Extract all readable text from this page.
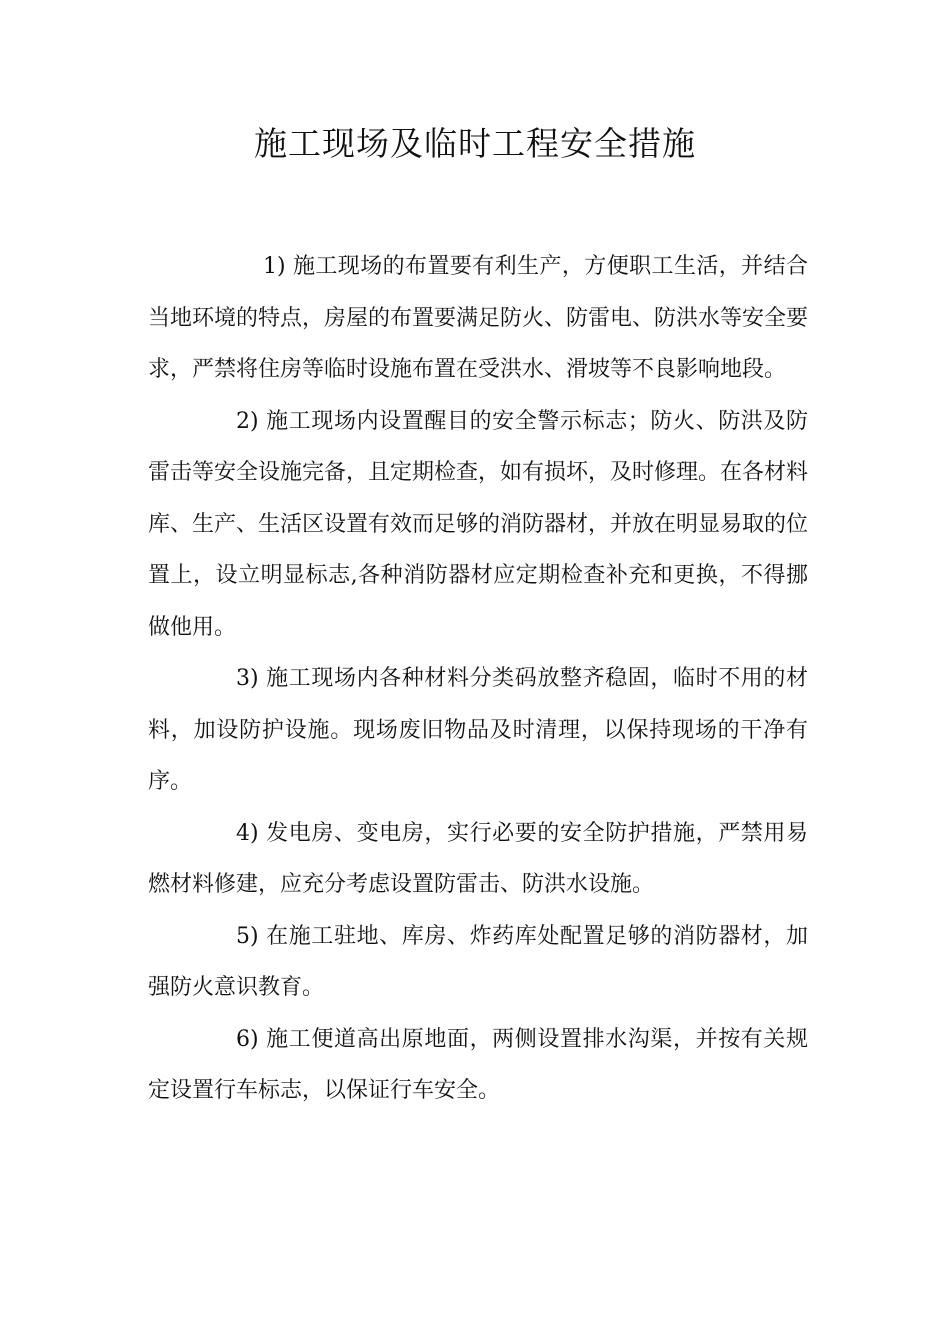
施工现场及临时工程安全措施

1) 施工现场的布置要有利生产，方便职工生活，并结合当地环境的特点，房屋的布置要满足防火、防雷电、防洪水等安全要求，严禁将住房等临时设施布置在受洪水、滑坡等不良影响地段。

2) 施工现场内设置醒目的安全警示标志；防火、防洪及防雷击等安全设施完备，且定期检查，如有损坏，及时修理。在各材料库、生产、生活区设置有效而足够的消防器材，并放在明显易取的位置上，设立明显标志,各种消防器材应定期检查补充和更换，不得挪做他用。

3) 施工现场内各种材料分类码放整齐稳固，临时不用的材料，加设防护设施。现场废旧物品及时清理，以保持现场的干净有序。

4) 发电房、变电房，实行必要的安全防护措施，严禁用易燃材料修建，应充分考虑设置防雷击、防洪水设施。

5) 在施工驻地、库房、炸药库处配置足够的消防器材，加强防火意识教育。

6) 施工便道高出原地面，两侧设置排水沟渠，并按有关规定设置行车标志，以保证行车安全。
